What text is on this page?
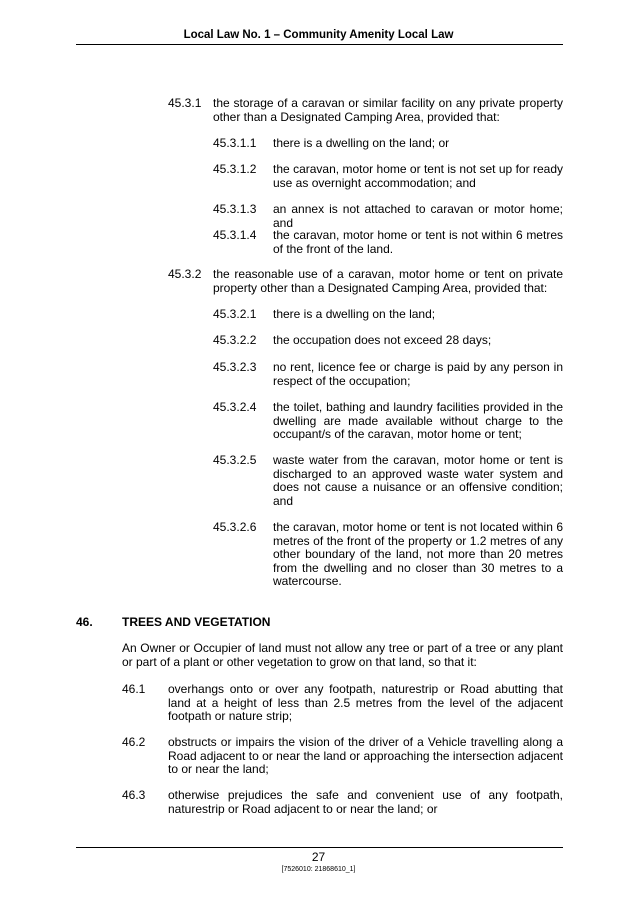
Local Law No. 1 – Community Amenity Local Law
45.3.1 the storage of a caravan or similar facility on any private property other than a Designated Camping Area, provided that:
45.3.1.1 there is a dwelling on the land; or
45.3.1.2 the caravan, motor home or tent is not set up for ready use as overnight accommodation; and
45.3.1.3 an annex is not attached to caravan or motor home; and
45.3.1.4 the caravan, motor home or tent is not within 6 metres of the front of the land.
45.3.2 the reasonable use of a caravan, motor home or tent on private property other than a Designated Camping Area, provided that:
45.3.2.1 there is a dwelling on the land;
45.3.2.2 the occupation does not exceed 28 days;
45.3.2.3 no rent, licence fee or charge is paid by any person in respect of the occupation;
45.3.2.4 the toilet, bathing and laundry facilities provided in the dwelling are made available without charge to the occupant/s of the caravan, motor home or tent;
45.3.2.5 waste water from the caravan, motor home or tent is discharged to an approved waste water system and does not cause a nuisance or an offensive condition; and
45.3.2.6 the caravan, motor home or tent is not located within 6 metres of the front of the property or 1.2 metres of any other boundary of the land, not more than 20 metres from the dwelling and no closer than 30 metres to a watercourse.
46. TREES AND VEGETATION
An Owner or Occupier of land must not allow any tree or part of a tree or any plant or part of a plant or other vegetation to grow on that land, so that it:
46.1 overhangs onto or over any footpath, naturestrip or Road abutting that land at a height of less than 2.5 metres from the level of the adjacent footpath or nature strip;
46.2 obstructs or impairs the vision of the driver of a Vehicle travelling along a Road adjacent to or near the land or approaching the intersection adjacent to or near the land;
46.3 otherwise prejudices the safe and convenient use of any footpath, naturestrip or Road adjacent to or near the land; or
27
[7526010: 21868610_1]
